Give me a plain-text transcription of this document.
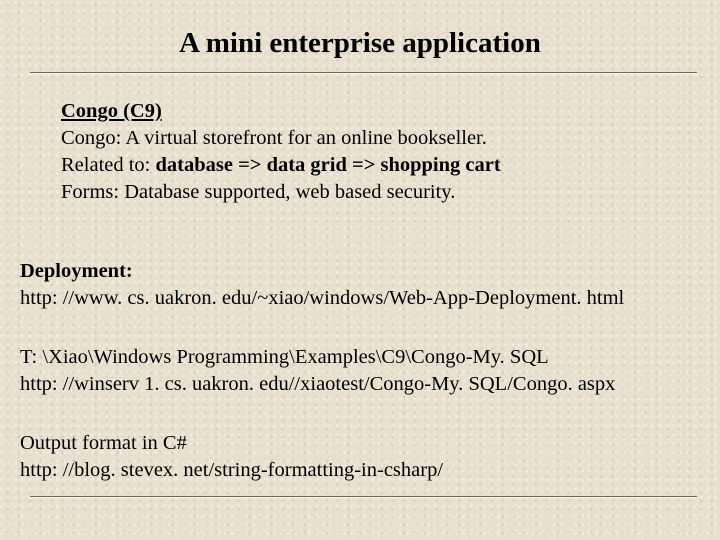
A mini enterprise application
Congo (C9)
Congo: A virtual storefront for an online bookseller.
Related to: database => data grid => shopping cart
Forms: Database supported, web based security.
Deployment:
http: //www. cs. uakron. edu/~xiao/windows/Web-App-Deployment. html
T: \Xiao\Windows Programming\Examples\C9\Congo-My. SQL
http: //winserv 1. cs. uakron. edu//xiaotest/Congo-My. SQL/Congo. aspx
Output format in C#
http: //blog. stevex. net/string-formatting-in-csharp/
